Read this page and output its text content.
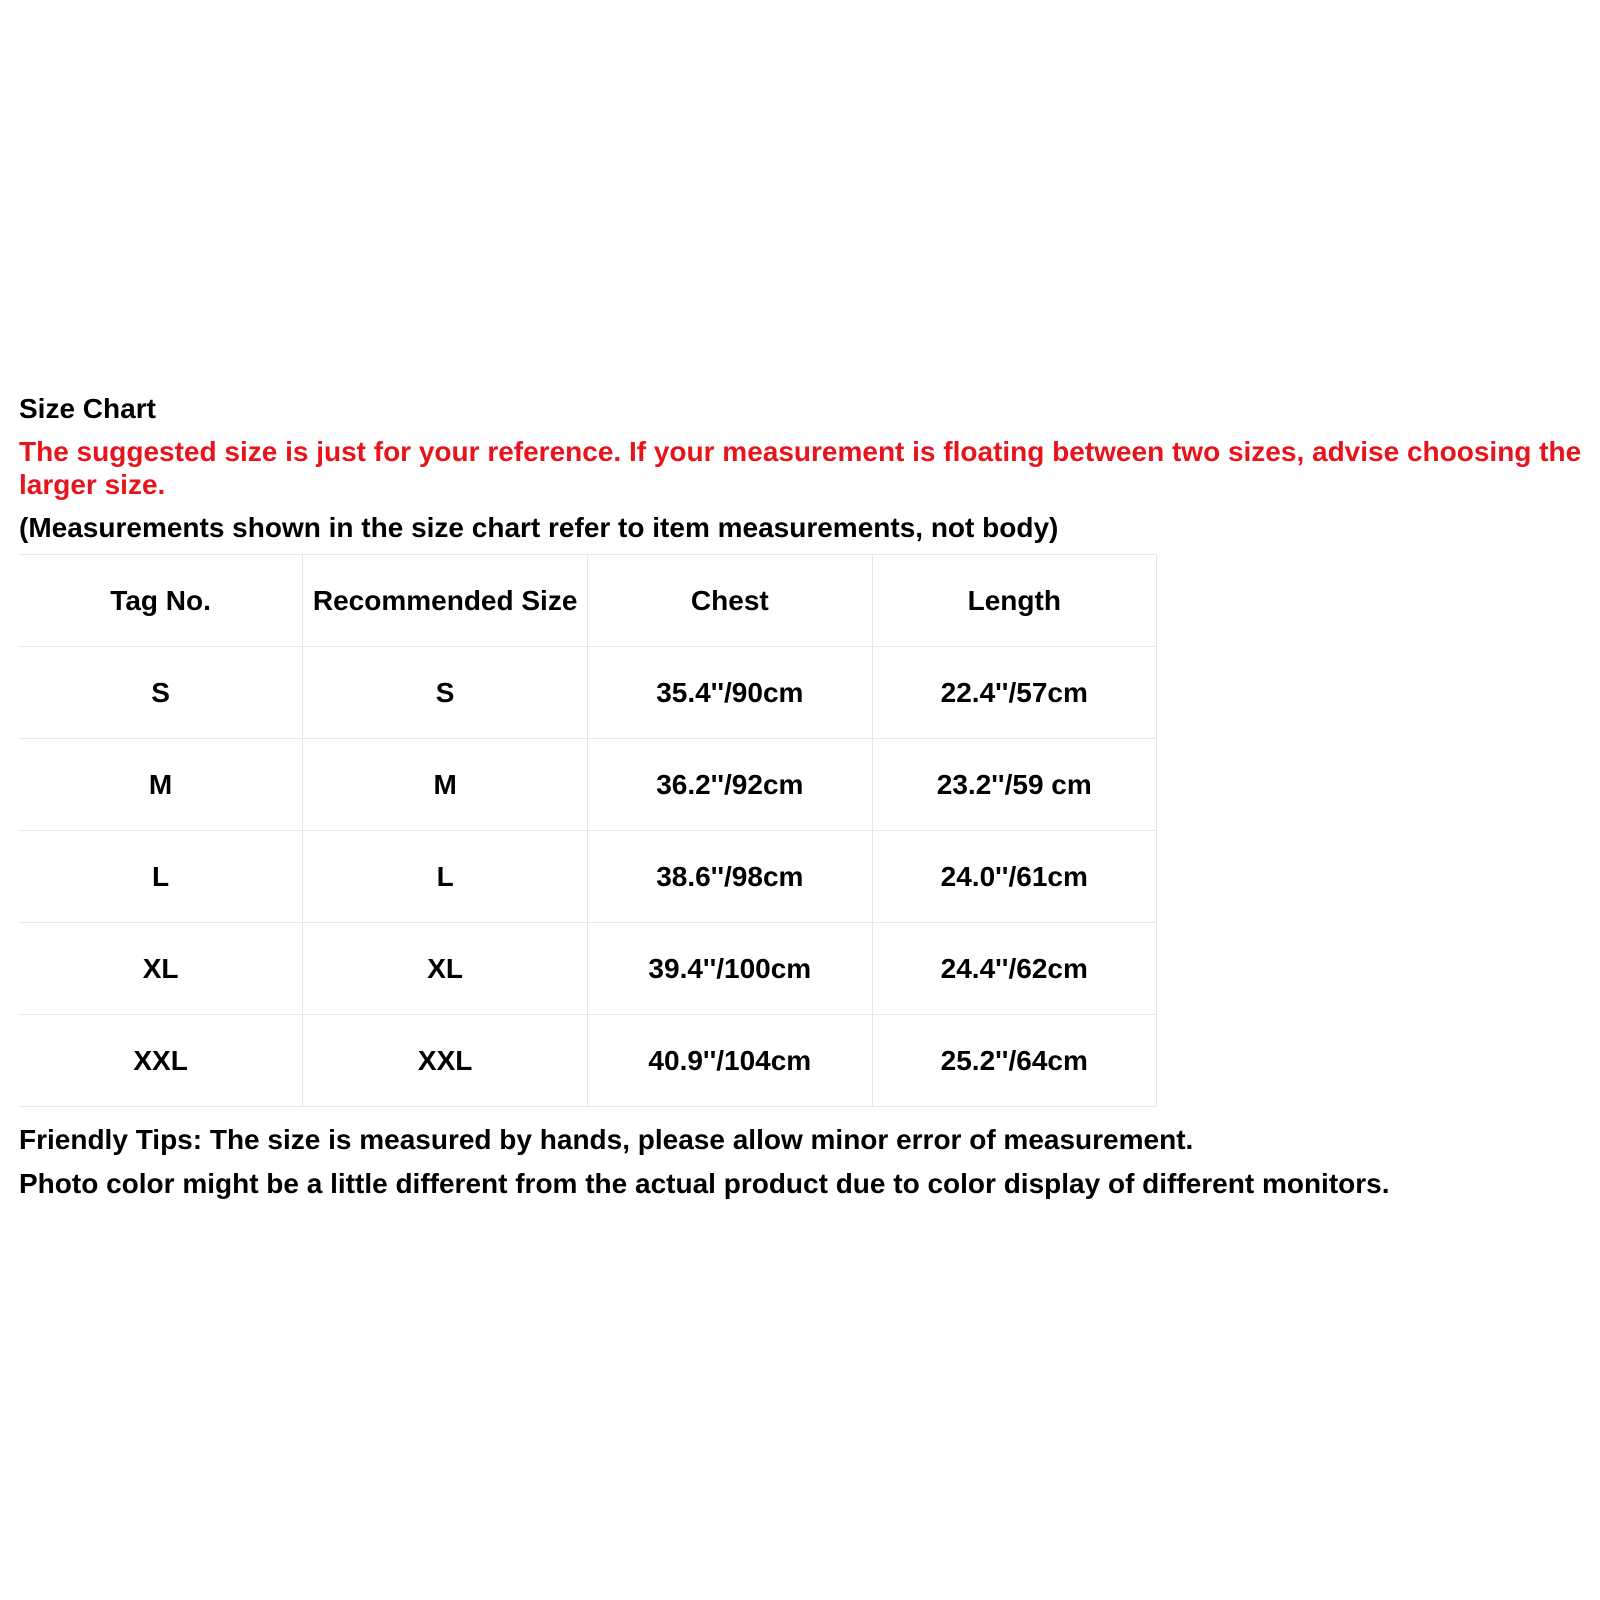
Size Chart

The suggested size is just for your reference. If your measurement is floating between two sizes, advise choosing the larger size.

(Measurements shown in the size chart refer to item measurements, not body)

Tag No.	Recommended Size	Chest	Length
S	S	35.4''/90cm	22.4''/57cm
M	M	36.2''/92cm	23.2''/59 cm
L	L	38.6''/98cm	24.0''/61cm
XL	XL	39.4''/100cm	24.4''/62cm
XXL	XXL	40.9''/104cm	25.2''/64cm

Friendly Tips: The size is measured by hands, please allow minor error of measurement.

Photo color might be a little different from the actual product due to color display of different monitors.
